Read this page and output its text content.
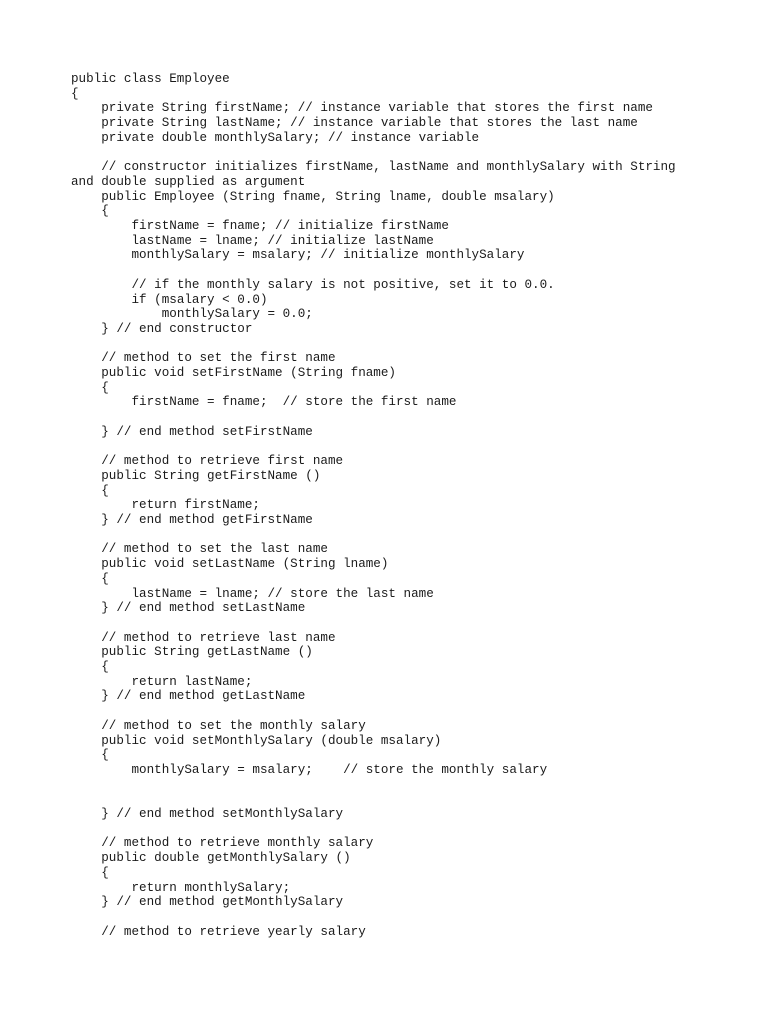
public class Employee
{
	private String firstName; // instance variable that stores the first name
	private String lastName; // instance variable that stores the last name
	private double monthlySalary; // instance variable
	// constructor initializes firstName, lastName and monthlySalary with String
and double supplied as argument
	public Employee (String fname, String lname, double msalary)
	{
		firstName = fname; // initialize firstName
		lastName = lname; // initialize lastName
		monthlySalary = msalary; // initialize monthlySalary
		// if the monthly salary is not positive, set it to 0.0.
		if (msalary < 0.0)
			monthlySalary = 0.0;
	} // end constructor
	// method to set the first name
	public void setFirstName (String fname)
	{
		firstName = fname;	// store the first name
	} // end method setFirstName
	// method to retrieve first name
	public String getFirstName ()
	{
		return firstName;
	} // end method getFirstName
	// method to set the last name
	public void setLastName (String lname)
	{
		lastName = lname; // store the last name
	} // end method setLastName
	// method to retrieve last name
	public String getLastName ()
	{
		return lastName;
	} // end method getLastName
	// method to set the monthly salary
	public void setMonthlySalary (double msalary)
	{
		monthlySalary = msalary;	// store the monthly salary
	} // end method setMonthlySalary
	// method to retrieve monthly salary
	public double getMonthlySalary ()
	{
		return monthlySalary;
	} // end method getMonthlySalary
	// method to retrieve yearly salary
